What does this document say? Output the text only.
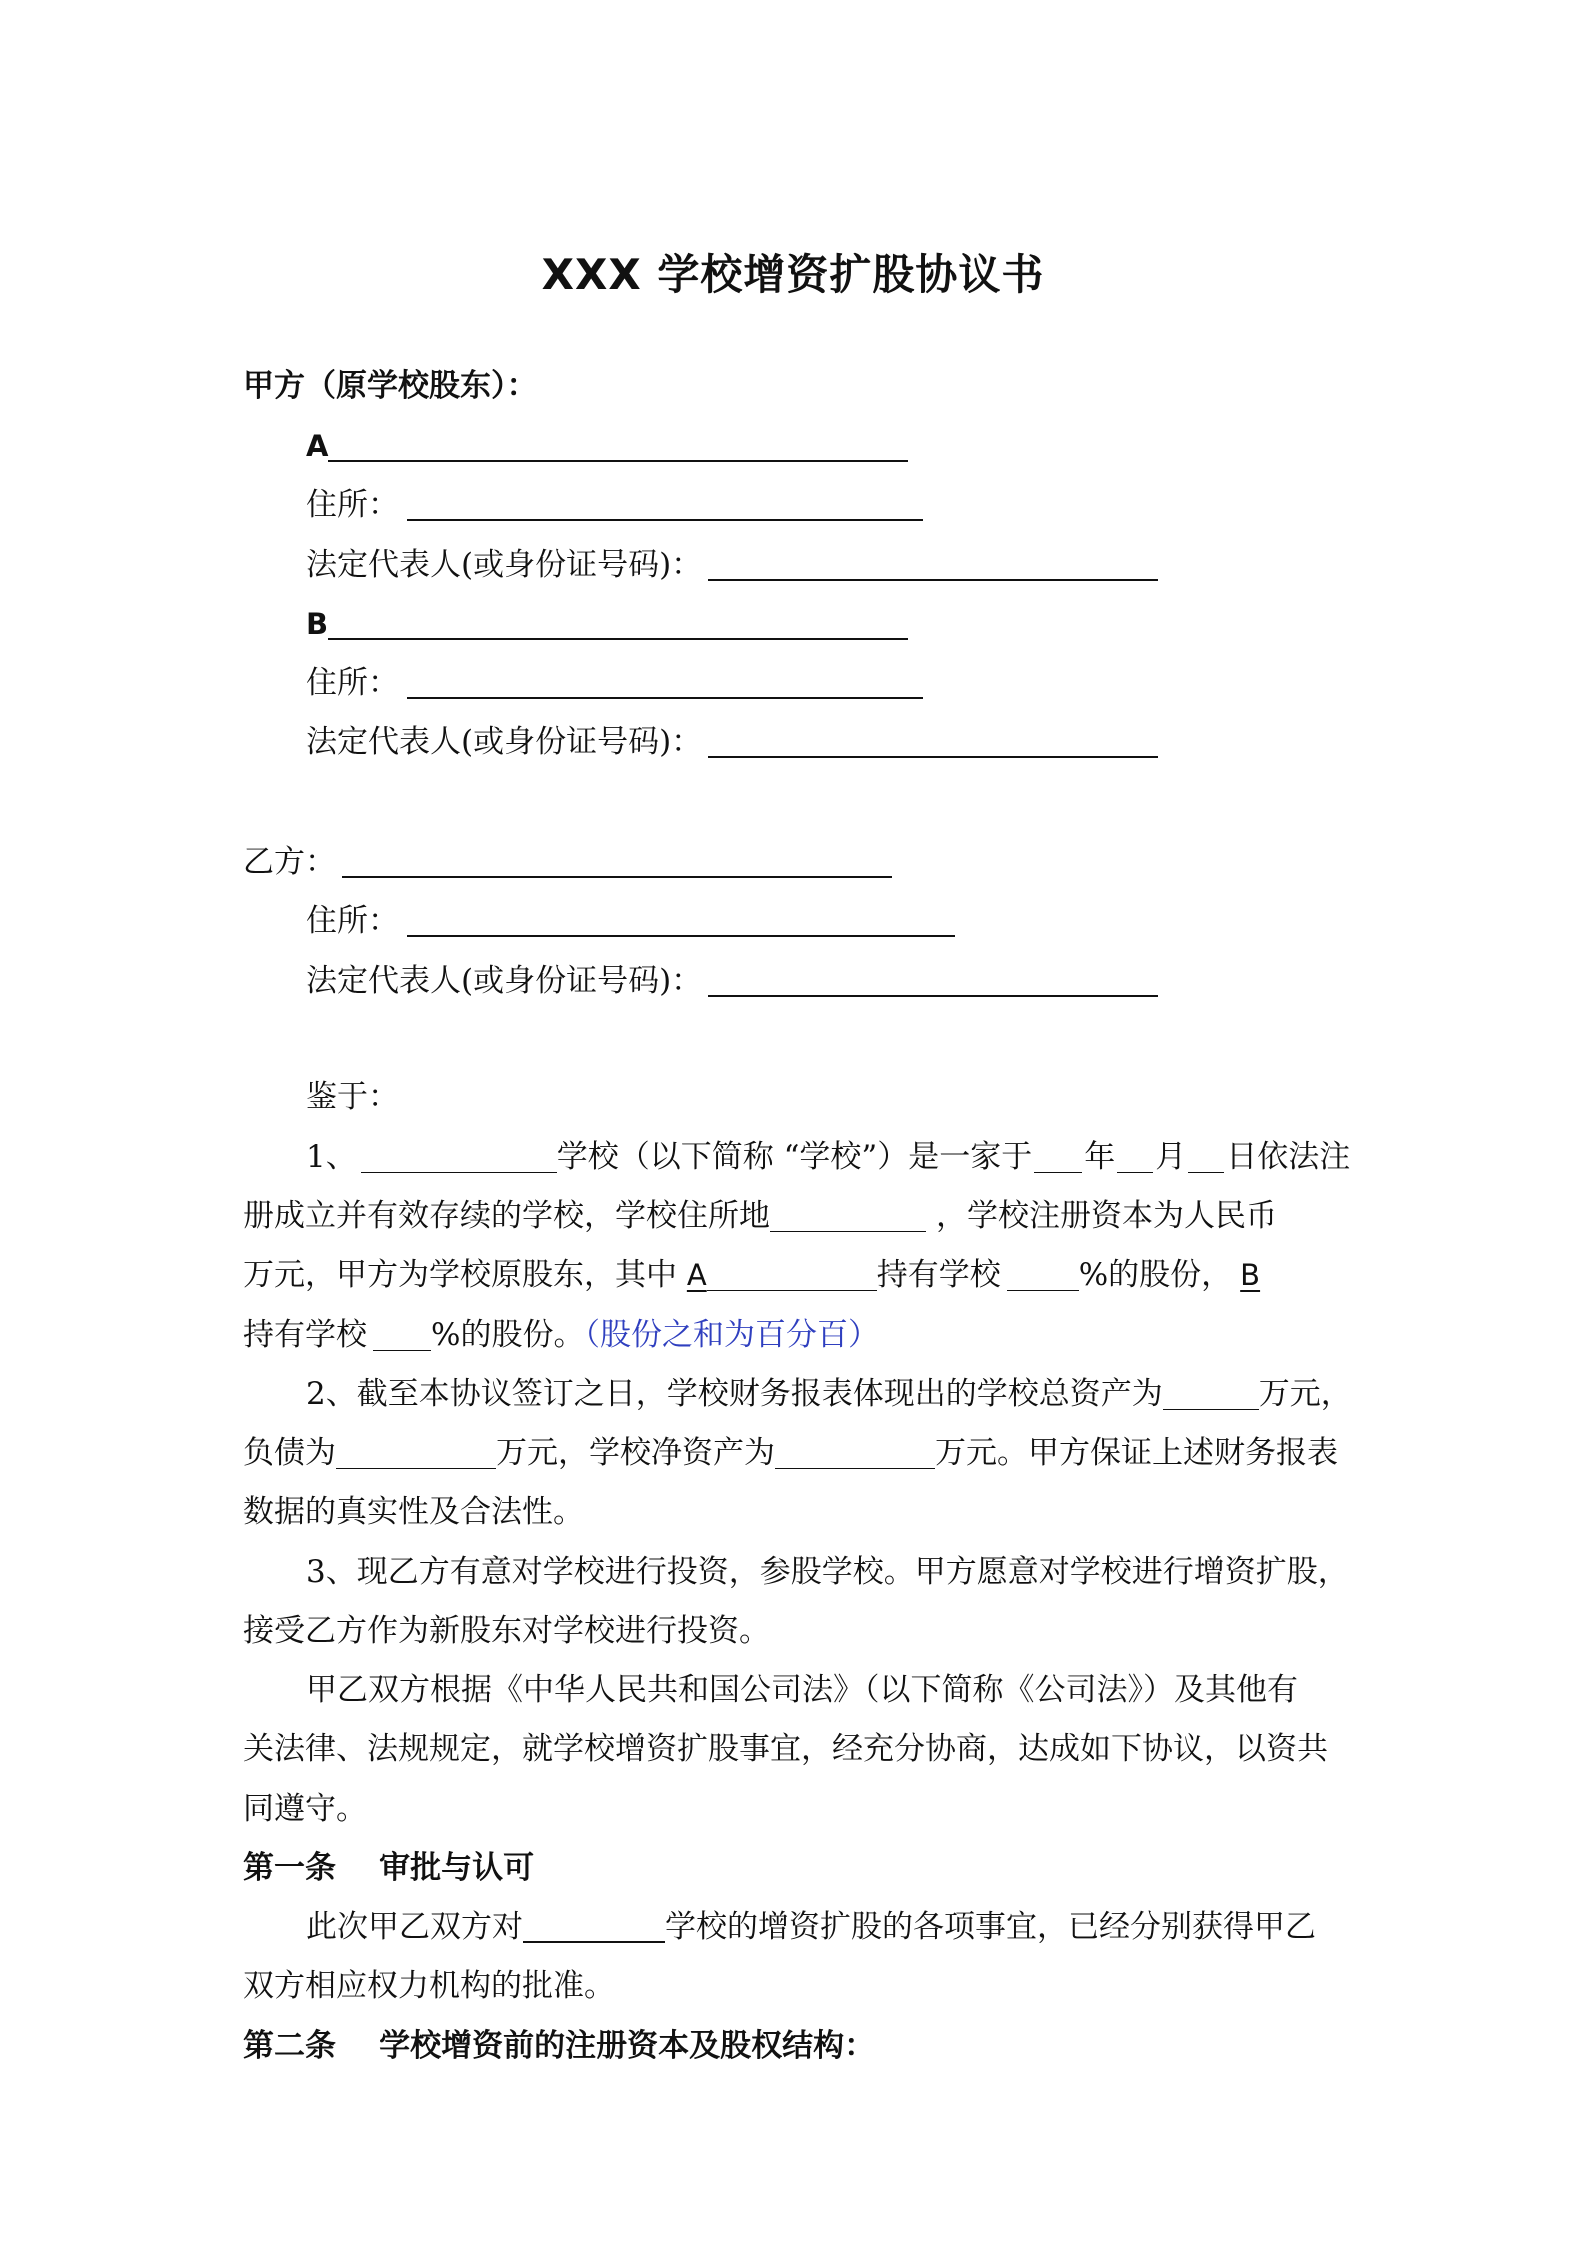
XXX 学校增资扩股协议书
甲方（原学校股东）：
A
住所：
法定代表人(或身份证号码)：
B
住所：
法定代表人(或身份证号码)：
乙方：
住所：
法定代表人(或身份证号码)：
鉴于：
1、	学校（以下简称 “学校”）是一家于 年 月 日依法注
册成立并有效存续的学校，学校住所地	，学校注册资本为人民币
万元，甲方为学校原股东，其中 A	持有学校	%的股份， B
持有学校 %的股份。（股份之和为百分百）
2、截至本协议签订之日，学校财务报表体现出的学校总资产为	万元，
负债为	万元，学校净资产为	万元。甲方保证上述财务报表
数据的真实性及合法性。
3、现乙方有意对学校进行投资，参股学校。甲方愿意对学校进行增资扩股，
接受乙方作为新股东对学校进行投资。
甲乙双方根据《中华人民共和国公司法》（以下简称《公司法》）及其他有
关法律、法规规定，就学校增资扩股事宜，经充分协商，达成如下协议，以资共
同遵守。
第一条    审批与认可
此次甲乙双方对	学校的增资扩股的各项事宜，已经分别获得甲乙
双方相应权力机构的批准。
第二条    学校增资前的注册资本及股权结构：
